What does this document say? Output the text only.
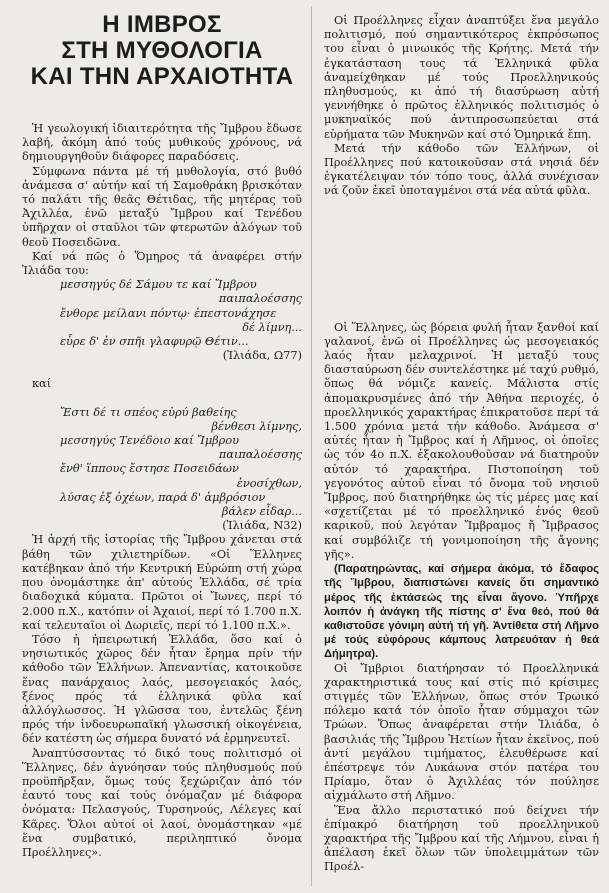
Η ΙΜΒΡΟΣ
ΣΤΗ ΜΥΘΟΛΟΓΙΑ
ΚΑΙ ΤΗΝ ΑΡΧΑΙΟΤΗΤΑ

Ἡ γεωλογική ἰδιαιτερότητα τῆς Ἴμβρου ἔδωσε λαβή, ἀκόμη ἀπό τούς μυθικούς χρόνους, νά δημιουργηθοῦν διάφορες παραδόσεις.

Σύμφωνα πάντα μέ τή μυθολογία, στό βυθό ἀνάμεσα σ' αὐτήν καί τή Σαμοθράκη βρισκόταν τό παλάτι τῆς θεᾶς Θέτιδας, τῆς μητέρας τοῦ Ἀχιλλέα, ἐνῶ μεταξύ Ἴμβρου καί Τενέδου ὑπῆρχαν οἱ σταῦλοι τῶν φτερωτῶν ἀλόγων τοῦ θεοῦ Ποσειδῶνα.

Καί νά πῶς ὁ Ὅμηρος τά ἀναφέρει στήν Ἰλιάδα του:

μεσσηγύς δέ Σάμου τε καί Ἴμβρου
παιπαλοέσσης
ἔνθορε μείλανι πόντῳ· ἐπεστονάχησε
δέ λίμνη...
εὗρε δ' ἐν σπῆι γλαφυρῷ Θέτιν...

(Ἰλιάδα, Ω77)

καί
Ἔστι δέ τι σπέος εὐρύ βαθείης
βένθεσι λίμνης,
μεσσηγύς Τενέδοιο καί Ἴμβρου
παιπαλοέσσης
ἔνθ' ἵππους ἔστησε Ποσειδάων
ἐνοσίχθων,
λύσας ἐξ ὀχέων, παρά δ' ἀμβρόσιον
βάλεν εἶδαρ...

(Ἰλιάδα, Ν32)

Ἡ ἀρχή τῆς ἱστορίας τῆς Ἴμβρου χάνεται στά βάθη τῶν χιλιετηρίδων. «Οἱ Ἕλληνες κατέβηκαν ἀπό τήν Κεντρική Εὐρώπη στή χώρα που ὀνομάστηκε ἀπ' αὐτούς Ἑλλάδα, σέ τρία διαδοχικά κύματα. Πρῶτοι οἱ Ἴωνες, περί τό 2.000 π.Χ., κατόπιν οἱ Ἀχαιοί, περί τό 1.700 π.Χ. καί τελευταῖοι οἱ Δωριεῖς, περί τό 1.100 π.Χ.».

Τόσο ἡ ἠπειρωτική Ἑλλάδα, ὅσο καί ὁ νησιωτικός χῶρος δέν ἦταν ἔρημα πρίν τήν κάθοδο τῶν Ἑλλήνων. Ἀπεναντίας, κατοικοῦσε ἕνας πανάρχαιος λαός, μεσογειακός λαός, ξένος πρός τά ἑλληνικά φῦλα καί ἀλλόγλωσσος. Ἡ γλῶσσα του, ἐντελῶς ξένη πρός τήν ἰνδοευρωπαϊκή γλωσσική οἰκογένεια, δέν κατέστη ὡς σήμερα δυνατό νά ἑρμηνευτεῖ.

Ἀναπτύσσοντας τό δικό τους πολιτισμό οἱ Ἕλληνες, δέν ἀγνόησαν τούς πληθυσμούς πού προϋπῆρξαν, ὅμως τούς ξεχώριζαν ἀπό τόν ἑαυτό τους καί τούς ὀνόμαζαν μέ διάφορα ὀνόματα: Πελασγούς, Τυρσηνούς, Λέλεγες καί Κᾶρες. Ὅλοι αὐτοί οἱ λαοί, ὀνομάστηκαν «μέ ἕνα συμβατικό, περιληπτικό ὄνομα Προέλληνες».

Οἱ Προέλληνες εἶχαν ἀναπτύξει ἕνα μεγάλο πολιτισμό, πού σημαντικότερος ἐκπρόσωπος του εἶναι ὁ μινωικός τῆς Κρήτης. Μετά τήν ἐγκατάσταση τους τά Ἑλληνικά φῦλα ἀναμείχθηκαν μέ τούς Προελληνικούς πληθυσμούς, κι ἀπό τή διασύρωση αὐτή γεννήθηκε ὁ πρῶτος ἑλληνικός πολιτισμός ὁ μυκηναϊκός πού ἀντιπροσωπεύεται στά εὑρήματα τῶν Μυκηνῶν καί στό Ὁμηρικά ἔπη.

Μετά τήν κάθοδο τῶν Ἑλλήνων, οἱ Προέλληνες πού κατοικοῦσαν στά νησιά δέν ἐγκατέλειψαν τόν τόπο τους, ἀλλά συνέχισαν νά ζοῦν ἐκεῖ ὑποταγμένοι στά νέα αὐτά φῦλα.

Οἱ Ἕλληνες, ὡς βόρεια φυλή ἦταν ξανθοί καί γαλανοί, ἐνῶ οἱ Προέλληνες ὡς μεσογειακός λαός ἦταν μελαχρινοί. Ἡ μεταξύ τους διασταύρωση δέν συντελέστηκε μέ ταχύ ρυθμό, ὅπως θά νόμιζε κανείς. Μάλιστα στίς ἀπομακρυσμένες ἀπό τήν Ἀθήνα περιοχές, ὁ προελληνικός χαρακτήρας ἐπικρατοῦσε περί τά 1.500 χρόνια μετά τήν κάθοδο. Ἀνάμεσα σ' αὐτές ἦταν ἡ Ἴμβρος καί ἡ Λῆμνος, οἱ ὁποῖες ὡς τόν 4ο π.Χ. ἐξακολουθοῦσαν νά διατηροῦν αὐτόν τό χαρακτήρα. Πιστοποίηση τοῦ γεγονότος αὐτοῦ εἶναι τό ὄνομα τοῦ νησιοῦ Ἴμβρος, πού διατηρήθηκε ὡς τίς μέρες μας καί «σχετίζεται μέ τό προελληνικό ἑνός θεοῦ καρικοῦ, πού λεγόταν Ἴμβραμος ἤ Ἴμβρασος καί συμβόλιζε τή γονιμοποίηση τῆς ἄγονης γῆς».

(Παρατηρώντας, καί σήμερα ἀκόμα, τό ἔδαφος τῆς Ἴμβρου, διαπιστώνει κανείς ὅτι σημαντικό μέρος τῆς ἐκτάσεώς της εἶναι ἄγονο. Ὑπῆρχε λοιπόν ἡ ἀνάγκη τῆς πίστης σ' ἕνα θεό, πού θά καθιστοῦσε γόνιμη αὐτή τή γῆ. Ἀντίθετα στή Λῆμνο μέ τούς εὐφόρους κάμπους λατρευόταν ἡ θεά Δήμητρα).

Οἱ Ἴμβριοι διατήρησαν τό Προελληνικά χαρακτηριστικά τους καί στίς πιό κρίσιμες στιγμές τῶν Ἑλλήνων, ὅπως στόν Τρωικό πόλεμο κατά τόν ὁποῖο ἦταν σύμμαχοι τῶν Τρώων. Ὅπως ἀναφέρεται στήν Ἰλιάδα, ὁ βασιλιάς τῆς Ἴμβρου Ἠετίων ἦταν ἐκεῖνος, πού ἀντί μεγάλου τιμήματος, ἐλευθέρωσε καί ἐπέστρεψε τόν Λυκάωνα στόν πατέρα του Πρίαμο, ὅταν ὁ Ἀχιλλέας τόν πούλησε αἰχμάλωτο στή Λῆμνο.

Ἕνα ἄλλο περιστατικό πού δείχνει τήν ἐπίμακρό διατήρηση τοῦ προελληνικοῦ χαρακτήρα τῆς Ἴμβρου καί τῆς Λήμνου, εἶναι ἡ ἀπέλαση ἐκεῖ ὅλων τῶν ὑπολειμμάτων τῶν Προέλ-
